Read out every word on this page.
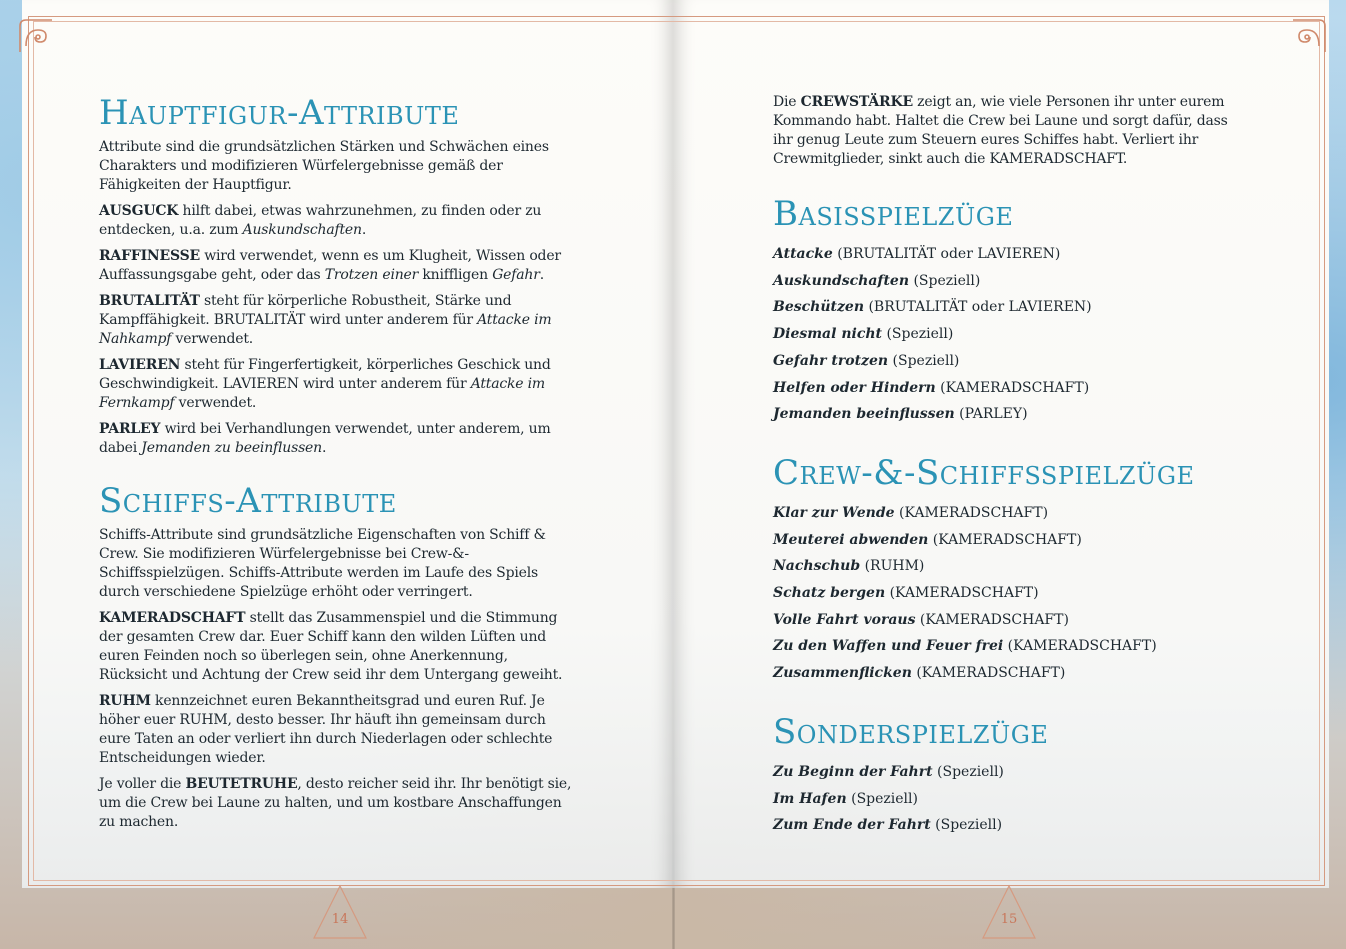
Hauptfigur-Attribute

Attribute sind die grundsätzlichen Stärken und Schwächen eines Charakters und modifizieren Würfelergebnisse gemäß der Fähigkeiten der Hauptfigur.

AUSGUCK hilft dabei, etwas wahrzunehmen, zu finden oder zu entdecken, u.a. zum Auskundschaften.

RAFFINESSE wird verwendet, wenn es um Klugheit, Wissen oder Auffassungsgabe geht, oder das Trotzen einer kniffligen Gefahr.

BRUTALITÄT steht für körperliche Robustheit, Stärke und Kampffähigkeit. BRUTALITÄT wird unter anderem für Attacke im Nahkampf verwendet.

LAVIEREN steht für Fingerfertigkeit, körperliches Geschick und Geschwindigkeit. LAVIEREN wird unter anderem für Attacke im Fernkampf verwendet.

PARLEY wird bei Verhandlungen verwendet, unter anderem, um dabei Jemanden zu beeinflussen.

Schiffs-Attribute

Schiffs-Attribute sind grundsätzliche Eigenschaften von Schiff & Crew. Sie modifizieren Würfelergebnisse bei Crew-&-Schiffsspielzügen. Schiffs-Attribute werden im Laufe des Spiels durch verschiedene Spielzüge erhöht oder verringert.

KAMERADSCHAFT stellt das Zusammenspiel und die Stimmung der gesamten Crew dar. Euer Schiff kann den wilden Lüften und euren Feinden noch so überlegen sein, ohne Anerkennung, Rücksicht und Achtung der Crew seid ihr dem Untergang geweiht.

RUHM kennzeichnet euren Bekanntheitsgrad und euren Ruf. Je höher euer RUHM, desto besser. Ihr häuft ihn gemeinsam durch eure Taten an oder verliert ihn durch Niederlagen oder schlechte Entscheidungen wieder.

Je voller die BEUTETRUHE, desto reicher seid ihr. Ihr benötigt sie, um die Crew bei Laune zu halten, und um kostbare Anschaffungen zu machen.

14

Die CREWSTÄRKE zeigt an, wie viele Personen ihr unter eurem Kommando habt. Haltet die Crew bei Laune und sorgt dafür, dass ihr genug Leute zum Steuern eures Schiffes habt. Verliert ihr Crewmitglieder, sinkt auch die KAMERADSCHAFT.

Basisspielzüge
Attacke (BRUTALITÄT oder LAVIEREN)
Auskundschaften (Speziell)
Beschützen (BRUTALITÄT oder LAVIEREN)
Diesmal nicht (Speziell)
Gefahr trotzen (Speziell)
Helfen oder Hindern (KAMERADSCHAFT)
Jemanden beeinflussen (PARLEY)
Crew-&-Schiffsspielzüge
Klar zur Wende (KAMERADSCHAFT)
Meuterei abwenden (KAMERADSCHAFT)
Nachschub (RUHM)
Schatz bergen (KAMERADSCHAFT)
Volle Fahrt voraus (KAMERADSCHAFT)
Zu den Waffen und Feuer frei (KAMERADSCHAFT)
Zusammenflicken (KAMERADSCHAFT)
Sonderspielzüge
Zu Beginn der Fahrt (Speziell)
Im Hafen (Speziell)
Zum Ende der Fahrt (Speziell)
15
